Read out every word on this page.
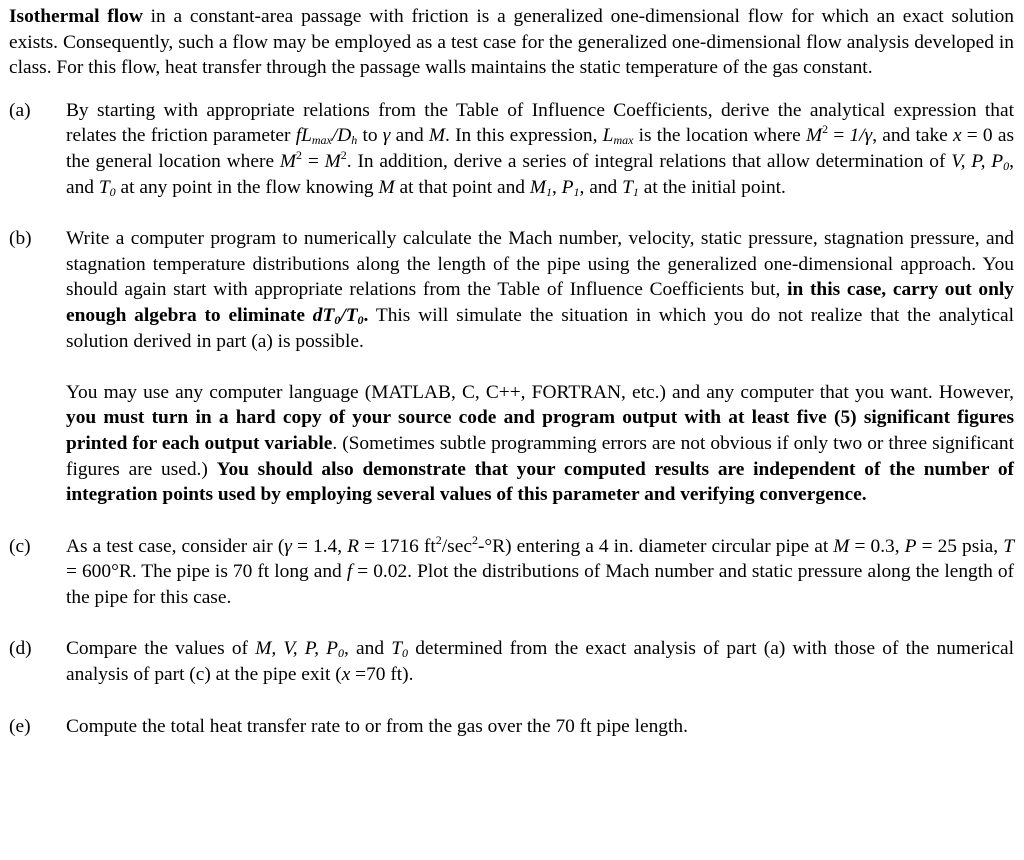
Isothermal flow in a constant-area passage with friction is a generalized one-dimensional flow for which an exact solution exists. Consequently, such a flow may be employed as a test case for the generalized one-dimensional flow analysis developed in class. For this flow, heat transfer through the passage walls maintains the static temperature of the gas constant.

(a)	By starting with appropriate relations from the Table of Influence Coefficients, derive the analytical expression that relates the friction parameter $fL_{max}/D_h$ to γ and M. In this expression, $L_{max}$ is the location where $M^2 = 1/\gamma$, and take x = 0 as the general location where $M^2 = M^2$. In addition, derive a series of integral relations that allow determination of V, P, $P_0$, and $T_0$ at any point in the flow knowing M at that point and $M_1$, $P_1$, and $T_1$ at the initial point.
(b)	Write a computer program to numerically calculate the Mach number, velocity, static pressure, stagnation pressure, and stagnation temperature distributions along the length of the pipe using the generalized one-dimensional approach. You should again start with appropriate relations from the Table of Influence Coefficients but, in this case, carry out only enough algebra to eliminate $dT_0/T_0$. This will simulate the situation in which you do not realize that the analytical solution derived in part (a) is possible.

You may use any computer language (MATLAB, C, C++, FORTRAN, etc.) and any computer that you want. However, you must turn in a hard copy of your source code and program output with at least five (5) significant figures printed for each output variable. (Sometimes subtle programming errors are not obvious if only two or three significant figures are used.) You should also demonstrate that your computed results are independent of the number of integration points used by employing several values of this parameter and verifying convergence.

(c)	As a test case, consider air (γ = 1.4, R = 1716 $ft^2/\sec^2-^\circ R$) entering a 4 in. diameter circular pipe at M = 0.3, P = 25 psia, T = 600°R. The pipe is 70 ft long and f = 0.02. Plot the distributions of Mach number and static pressure along the length of the pipe for this case.
(d)	Compare the values of M, V, P, $P_0$, and $T_0$ determined from the exact analysis of part (a) with those of the numerical analysis of part (c) at the pipe exit (x =70 ft).
(e)	Compute the total heat transfer rate to or from the gas over the 70 ft pipe length.
